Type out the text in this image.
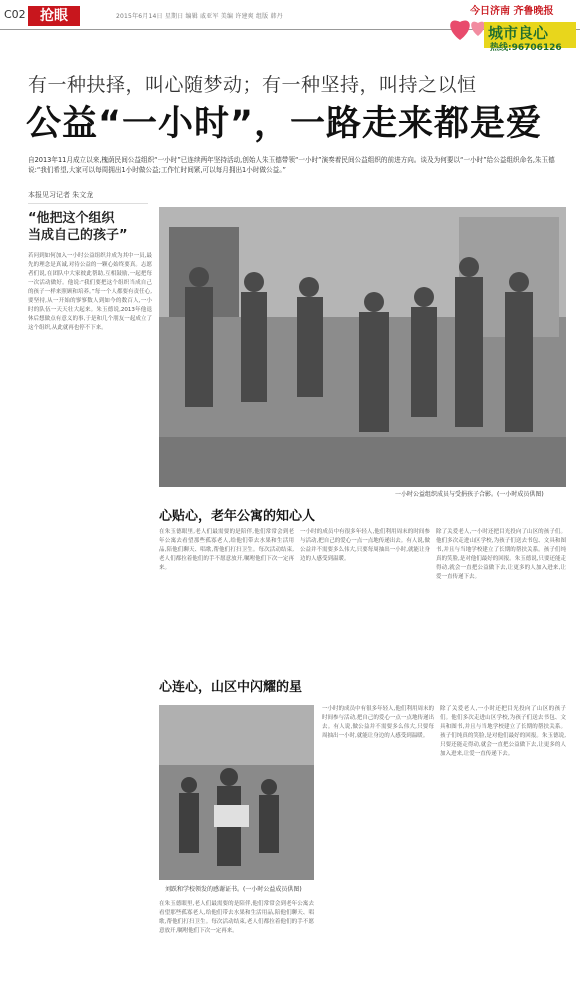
C02	抢眼	2015年6月14日 星期日 编辑 戚亚军 美编 许建爽 组版 韩丹	今日济南 齐鲁晚报
城市良心
热线:96706126
有一种抉择，叫心随梦动；有一种坚持，叫持之以恒
公益“一小时”，一路走来都是爱
自2013年11月成立以来,槐荫民间公益组织“一小时”已连续两年坚持活动,创始人朱玉德带领“一小时”演奏着民间公益组织的前进方向。谈及为何要以“一小时”给公益组织命名,朱玉德说:“我们希望,大家可以每周拥出1小时做公益;工作忙时间紧,可以每月拥出1小时做公益。”
本报见习记者 朱文龙
“他把这个组织
当成自己的孩子”
若问到如何加入一小时公益组织并成为其中一员,最先的理念是真诚,对待公益的一颗心始终要真。志愿者们说,在团队中大家彼此帮助,互相鼓励,一起把每一次活动做好。他说:“我们要把这个组织当成自己的孩子一样来照顾和培养。”每一个人都要有责任心,要坚持,从一开始的寥寥数人到如今的数百人,一小时的队伍一天天壮大起来。朱玉德说,2013年他退休后想做点有意义的事,于是和几个朋友一起成立了这个组织,从此就再也停不下来。
一小时公益组织成员与受捐孩子合影。(一小时成员供图)
心贴心，老年公寓的知心人
在朱玉德眼里,老人们最需要的是陪伴,他们常常会到老年公寓去看望那些孤寡老人,给他们带去水果和生活用品,陪他们聊天、唱歌,帮他们打扫卫生。每次活动结束,老人们都拉着他们的手不愿意放开,嘱咐他们下次一定再来。
一小时的成员中有很多年轻人,他们利用周末的时间参与活动,把自己的爱心一点一点地传递出去。有人说,做公益并不需要多么伟大,只要每周抽出一小时,就能让身边的人感受到温暖。
除了关爱老人,一小时还把目光投向了山区的孩子们。他们多次走进山区学校,为孩子们送去书包、文具和图书,并且与当地学校建立了长期的帮扶关系。孩子们纯真的笑脸,是对他们最好的回报。朱玉德说,只要还能走得动,就会一直把公益做下去,让更多的人加入进来,让爱一直传递下去。
心连心，山区中闪耀的星
刘跃和学校领发的感谢证书。(一小时公益成员供图)
在朱玉德眼里,老人们最需要的是陪伴,他们常常会到老年公寓去看望那些孤寡老人,给他们带去水果和生活用品,陪他们聊天、唱歌,帮他们打扫卫生。每次活动结束,老人们都拉着他们的手不愿意放开,嘱咐他们下次一定再来。
一小时的成员中有很多年轻人,他们利用周末的时间参与活动,把自己的爱心一点一点地传递出去。有人说,做公益并不需要多么伟大,只要每周抽出一小时,就能让身边的人感受到温暖。
除了关爱老人,一小时还把目光投向了山区的孩子们。他们多次走进山区学校,为孩子们送去书包、文具和图书,并且与当地学校建立了长期的帮扶关系。孩子们纯真的笑脸,是对他们最好的回报。朱玉德说,只要还能走得动,就会一直把公益做下去,让更多的人加入进来,让爱一直传递下去。
